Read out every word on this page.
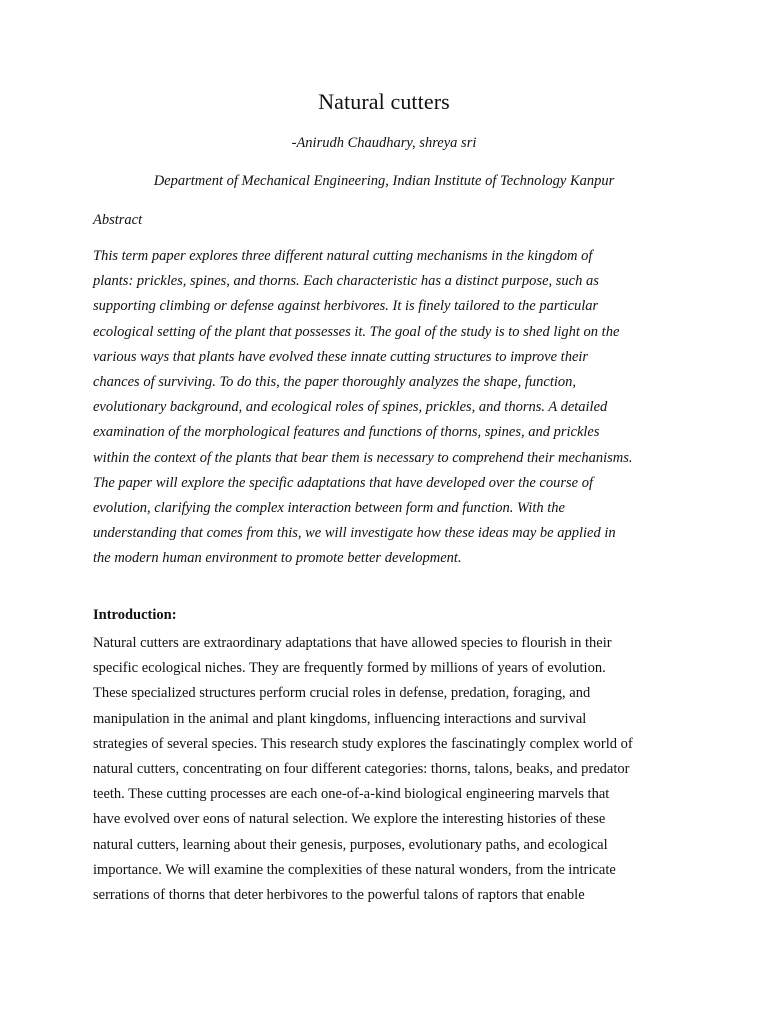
Natural cutters
-Anirudh Chaudhary, shreya sri
Department of Mechanical Engineering, Indian Institute of Technology Kanpur
Abstract
This term paper explores three different natural cutting mechanisms in the kingdom of
plants: prickles, spines, and thorns. Each characteristic has a distinct purpose, such as
supporting climbing or defense against herbivores. It is finely tailored to the particular
ecological setting of the plant that possesses it. The goal of the study is to shed light on the
various ways that plants have evolved these innate cutting structures to improve their
chances of surviving. To do this, the paper thoroughly analyzes the shape, function,
evolutionary background, and ecological roles of spines, prickles, and thorns. A detailed
examination of the morphological features and functions of thorns, spines, and prickles
within the context of the plants that bear them is necessary to comprehend their mechanisms.
The paper will explore the specific adaptations that have developed over the course of
evolution, clarifying the complex interaction between form and function. With the
understanding that comes from this, we will investigate how these ideas may be applied in
the modern human environment to promote better development.
Introduction:
Natural cutters are extraordinary adaptations that have allowed species to flourish in their
specific ecological niches. They are frequently formed by millions of years of evolution.
These specialized structures perform crucial roles in defense, predation, foraging, and
manipulation in the animal and plant kingdoms, influencing interactions and survival
strategies of several species. This research study explores the fascinatingly complex world of
natural cutters, concentrating on four different categories: thorns, talons, beaks, and predator
teeth. These cutting processes are each one-of-a-kind biological engineering marvels that
have evolved over eons of natural selection. We explore the interesting histories of these
natural cutters, learning about their genesis, purposes, evolutionary paths, and ecological
importance. We will examine the complexities of these natural wonders, from the intricate
serrations of thorns that deter herbivores to the powerful talons of raptors that enable
